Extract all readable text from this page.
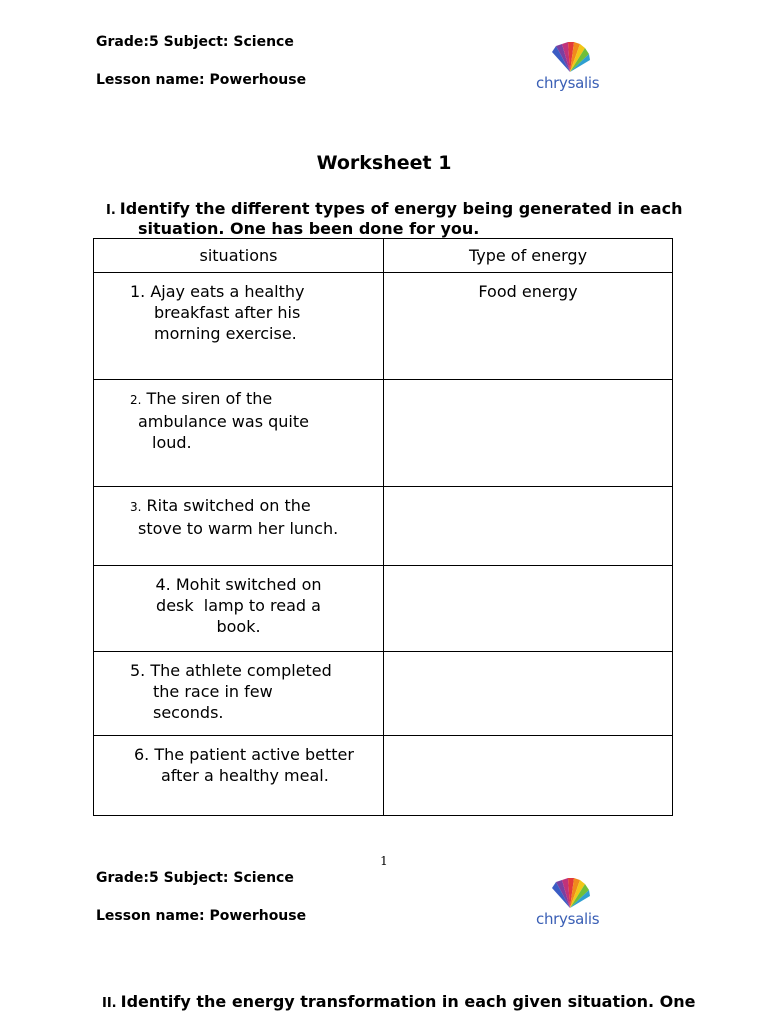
Grade:5 Subject: Science
Lesson name: Powerhouse	chrysalis
Worksheet 1
I. Identify the different types of energy being generated in each
situation. One has been done for you.
situations	Type of energy

1. Ajay eats a healthy
breakfast after his
morning exercise.	Food energy

2. The siren of the
ambulance was quite
loud.	

3. Rita switched on the
stove to warm her lunch.	

4. Mohit switched on
desk  lamp to read a
book.	

5. The athlete completed
the race in few
seconds.	

6. The patient active better
after a healthy meal.	

1
Grade:5 Subject: Science
Lesson name: Powerhouse	chrysalis
II. Identify the energy transformation in each given situation. One
